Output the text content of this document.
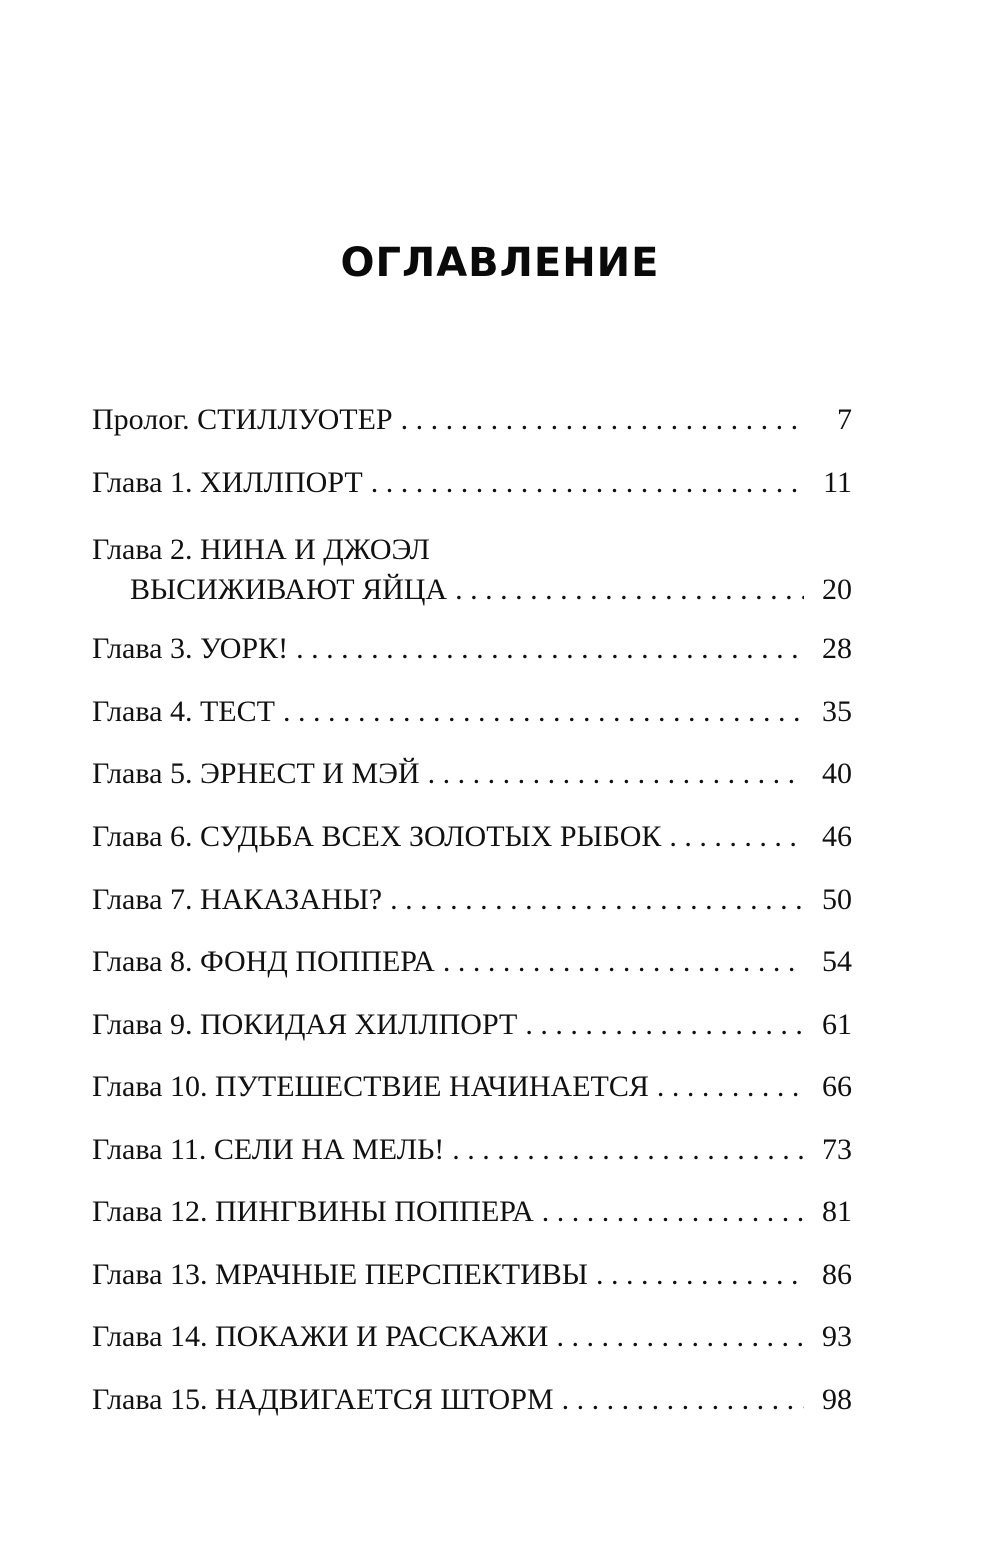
ОГЛАВЛЕНИЕ
Пролог. СТИЛЛУОТЕР . . .	7
Глава 1. ХИЛЛПОРТ . . .	11
Глава 2. НИНА И ДЖОЭЛ
ВЫСИЖИВАЮТ ЯЙЦА . . .	20
Глава 3. УОРК! . . .	28
Глава 4. ТЕСТ . . .	35
Глава 5. ЭРНЕСТ И МЭЙ . . .	40
Глава 6. СУДЬБА ВСЕХ ЗОЛОТЫХ РЫБОК . . .	46
Глава 7. НАКАЗАНЫ? . . .	50
Глава 8. ФОНД ПОППЕРА . . .	54
Глава 9. ПОКИДАЯ ХИЛЛПОРТ . . .	61
Глава 10. ПУТЕШЕСТВИЕ НАЧИНАЕТСЯ . . .	66
Глава 11. СЕЛИ НА МЕЛЬ! . . .	73
Глава 12. ПИНГВИНЫ ПОППЕРА . . .	81
Глава 13. МРАЧНЫЕ ПЕРСПЕКТИВЫ . . .	86
Глава 14. ПОКАЖИ И РАССКАЖИ . . .	93
Глава 15. НАДВИГАЕТСЯ ШТОРМ . . .	98
